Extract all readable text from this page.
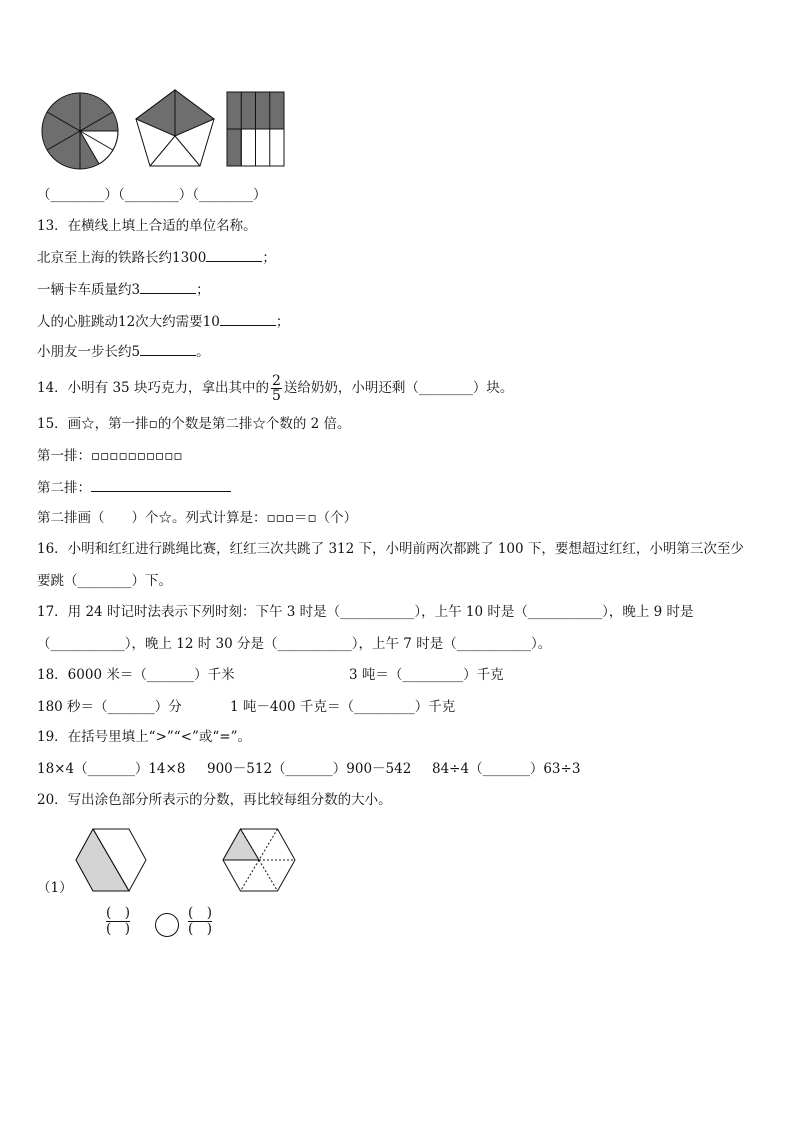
（________）（________）（________）
13．在横线上填上合适的单位名称。
北京至上海的铁路长约1300	；
一辆卡车质量约3	；
人的心脏跳动12次大约需要10	；
小朋友一步长约5	。
14．小明有 35 块巧克力，拿出其中的 $\frac{2}{5}$ 送给奶奶，小明还剩（________）块。
15．画☆，第一排▫的个数是第二排☆个数的 2 倍。
第一排：▫▫▫▫▫▫▫▫▫▫
第二排：
第二排画（　　）个☆。列式计算是：▫▫▫＝▫（个）
16．小明和红红进行跳绳比赛，红红三次共跳了 312 下，小明前两次都跳了 100 下，要想超过红红，小明第三次至少
要跳（________）下。
17．用 24 时记时法表示下列时刻：下午 3 时是（___________），上午 10 时是（___________），晚上 9 时是
（___________），晚上 12 时 30 分是（___________），上午 7 时是（___________）。
18．6000 米＝（_______）千米	3 吨＝（_________）千克
180 秒＝（_______）分	1 吨－400 千克＝（_________）千克
19．在括号里填上“>”“<”或“=”。
18×4（_______）14×8 900－512（_______）900－542 84÷4（_______）63÷3
20．写出涂色部分所表示的分数，再比较每组分数的大小。
（1）
(　)
(　)
(　)
(　)
